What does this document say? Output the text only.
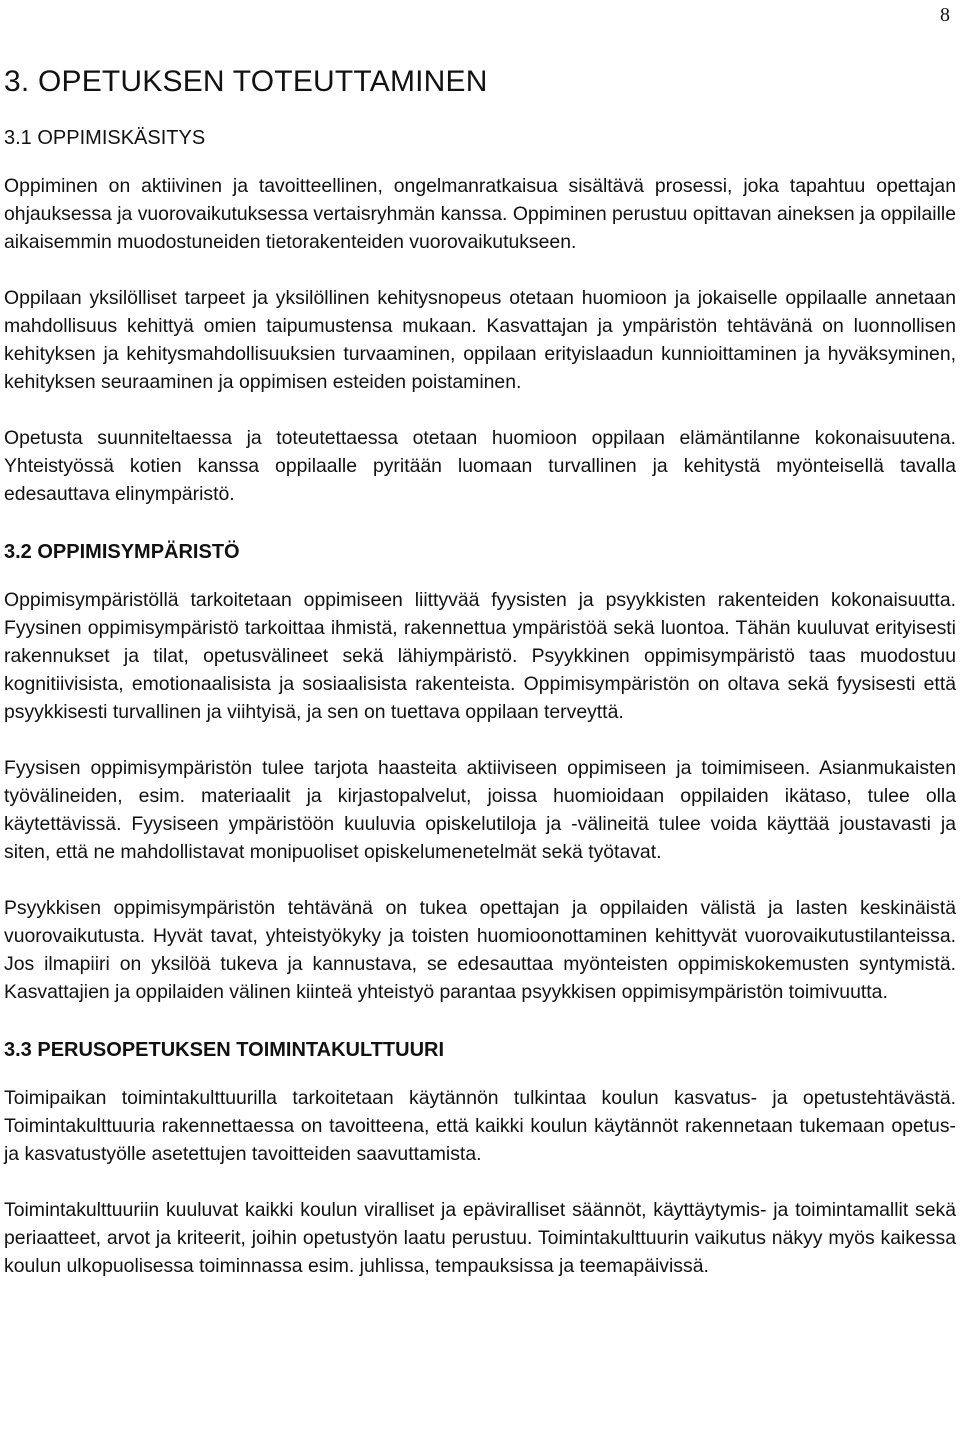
8
3. OPETUKSEN TOTEUTTAMINEN
3.1 OPPIMISKÄSITYS

Oppiminen on aktiivinen ja tavoitteellinen, ongelmanratkaisua sisältävä prosessi, joka tapahtuu opettajan ohjauksessa ja vuorovaikutuksessa vertaisryhmän kanssa. Oppiminen perustuu opittavan aineksen ja oppilaille aikaisemmin muodostuneiden tietorakenteiden vuorovaikutukseen.

Oppilaan yksilölliset tarpeet ja yksilöllinen kehitysnopeus otetaan huomioon ja jokaiselle oppilaalle annetaan mahdollisuus kehittyä omien taipumustensa mukaan. Kasvattajan ja ympäristön tehtävänä on luonnollisen kehityksen ja kehitysmahdollisuuksien turvaaminen, oppilaan erityislaadun kunnioittaminen ja hyväksyminen, kehityksen seuraaminen ja oppimisen esteiden poistaminen.

Opetusta suunniteltaessa ja toteutettaessa otetaan huomioon oppilaan elämäntilanne kokonaisuutena. Yhteistyössä kotien kanssa oppilaalle pyritään luomaan turvallinen ja kehitystä myönteisellä tavalla edesauttava elinympäristö.

3.2 OPPIMISYMPÄRISTÖ

Oppimisympäristöllä tarkoitetaan oppimiseen liittyvää fyysisten ja psyykkisten rakenteiden kokonaisuutta. Fyysinen oppimisympäristö tarkoittaa ihmistä, rakennettua ympäristöä sekä luontoa. Tähän kuuluvat erityisesti rakennukset ja tilat, opetusvälineet sekä lähiympäristö. Psyykkinen oppimisympäristö taas muodostuu kognitiivisista, emotionaalisista ja sosiaalisista rakenteista. Oppimisympäristön on oltava sekä fyysisesti että psyykkisesti turvallinen ja viihtyisä, ja sen on tuettava oppilaan terveyttä.

Fyysisen oppimisympäristön tulee tarjota haasteita aktiiviseen oppimiseen ja toimimiseen. Asianmukaisten työvälineiden, esim. materiaalit ja kirjastopalvelut, joissa huomioidaan oppilaiden ikätaso, tulee olla käytettävissä. Fyysiseen ympäristöön kuuluvia opiskelutiloja ja -välineitä tulee voida käyttää joustavasti ja siten, että ne mahdollistavat monipuoliset opiskelumenetelmät sekä työtavat.

Psyykkisen oppimisympäristön tehtävänä on tukea opettajan ja oppilaiden välistä ja lasten keskinäistä vuorovaikutusta. Hyvät tavat, yhteistyökyky ja toisten huomioonottaminen kehittyvät vuorovaikutustilanteissa. Jos ilmapiiri on yksilöä tukeva ja kannustava, se edesauttaa myönteisten oppimiskokemusten syntymistä. Kasvattajien ja oppilaiden välinen kiinteä yhteistyö parantaa psyykkisen oppimisympäristön toimivuutta.

3.3 PERUSOPETUKSEN TOIMINTAKULTTUURI

Toimipaikan toimintakulttuurilla tarkoitetaan käytännön tulkintaa koulun kasvatus- ja opetustehtävästä. Toimintakulttuuria rakennettaessa on tavoitteena, että kaikki koulun käytännöt rakennetaan tukemaan opetus- ja kasvatustyölle asetettujen tavoitteiden saavuttamista.

Toimintakulttuuriin kuuluvat kaikki koulun viralliset ja epäviralliset säännöt, käyttäytymis- ja toimintamallit sekä periaatteet, arvot ja kriteerit, joihin opetustyön laatu perustuu. Toimintakulttuurin vaikutus näkyy myös kaikessa koulun ulkopuolisessa toiminnassa esim. juhlissa, tempauksissa ja teemapäivissä.
